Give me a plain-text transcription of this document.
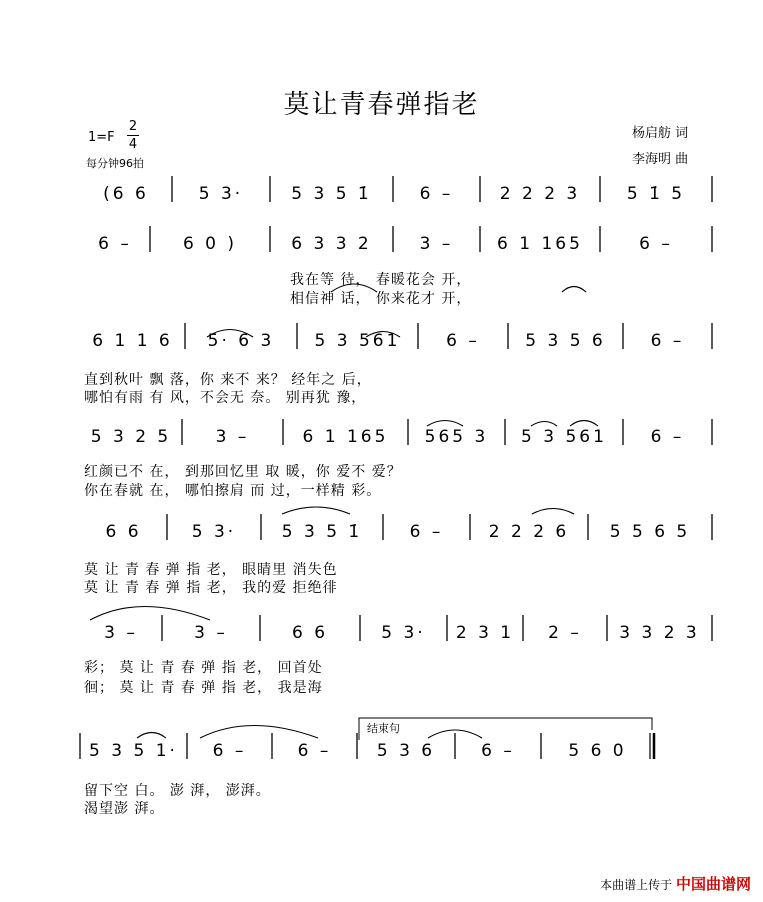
莫让青春弹指老
1=F
2
4
每分钟96拍
杨启舫 词
李海明 曲
(6 6	5 3·	5 3 5 1̇	6 –	2 2 2 3	5 1̇ 5
6 –	6 0 )	6 3 3 2	3 –	6 1 165	6 –
6 1 1 6 5· 6 3 5 3 561	6 –	5 3 5 6	6 –
5 3 2 5	3 –	6 1 165 565 3 5 3 561	6 –
6 6	5 3·	5 3 5 1̇	6 –	2 2 2 6 5 5 6 5
3 –	3 –	6 6	5 3· 2 3 1 2 – 3 3 2 3
5 3 5 1· 6 –	6 –	5 3 6	6 –	5 6 0
结束句
我在等 待， 春暖花会 开，
相信神 话， 你来花才 开，
直到秋叶 飘 落，你 来不 来？ 经年之 后，
哪怕有雨 有 风，不会无 奈。 别再犹 豫，
红颜已不 在， 到那回忆里 取 暖，你 爱不 爱？
你在春就 在， 哪怕擦肩 而 过，一样精 彩。
莫 让 青 春 弹 指 老， 眼睛里 消失色
莫 让 青 春 弹 指 老， 我的爱 拒绝徘
彩； 莫 让 青 春 弹 指 老， 回首处
徊； 莫 让 青 春 弹 指 老， 我是海
留下空 白。 澎 湃， 澎湃。
渴望澎 湃。
本曲谱上传于 中国曲谱网
